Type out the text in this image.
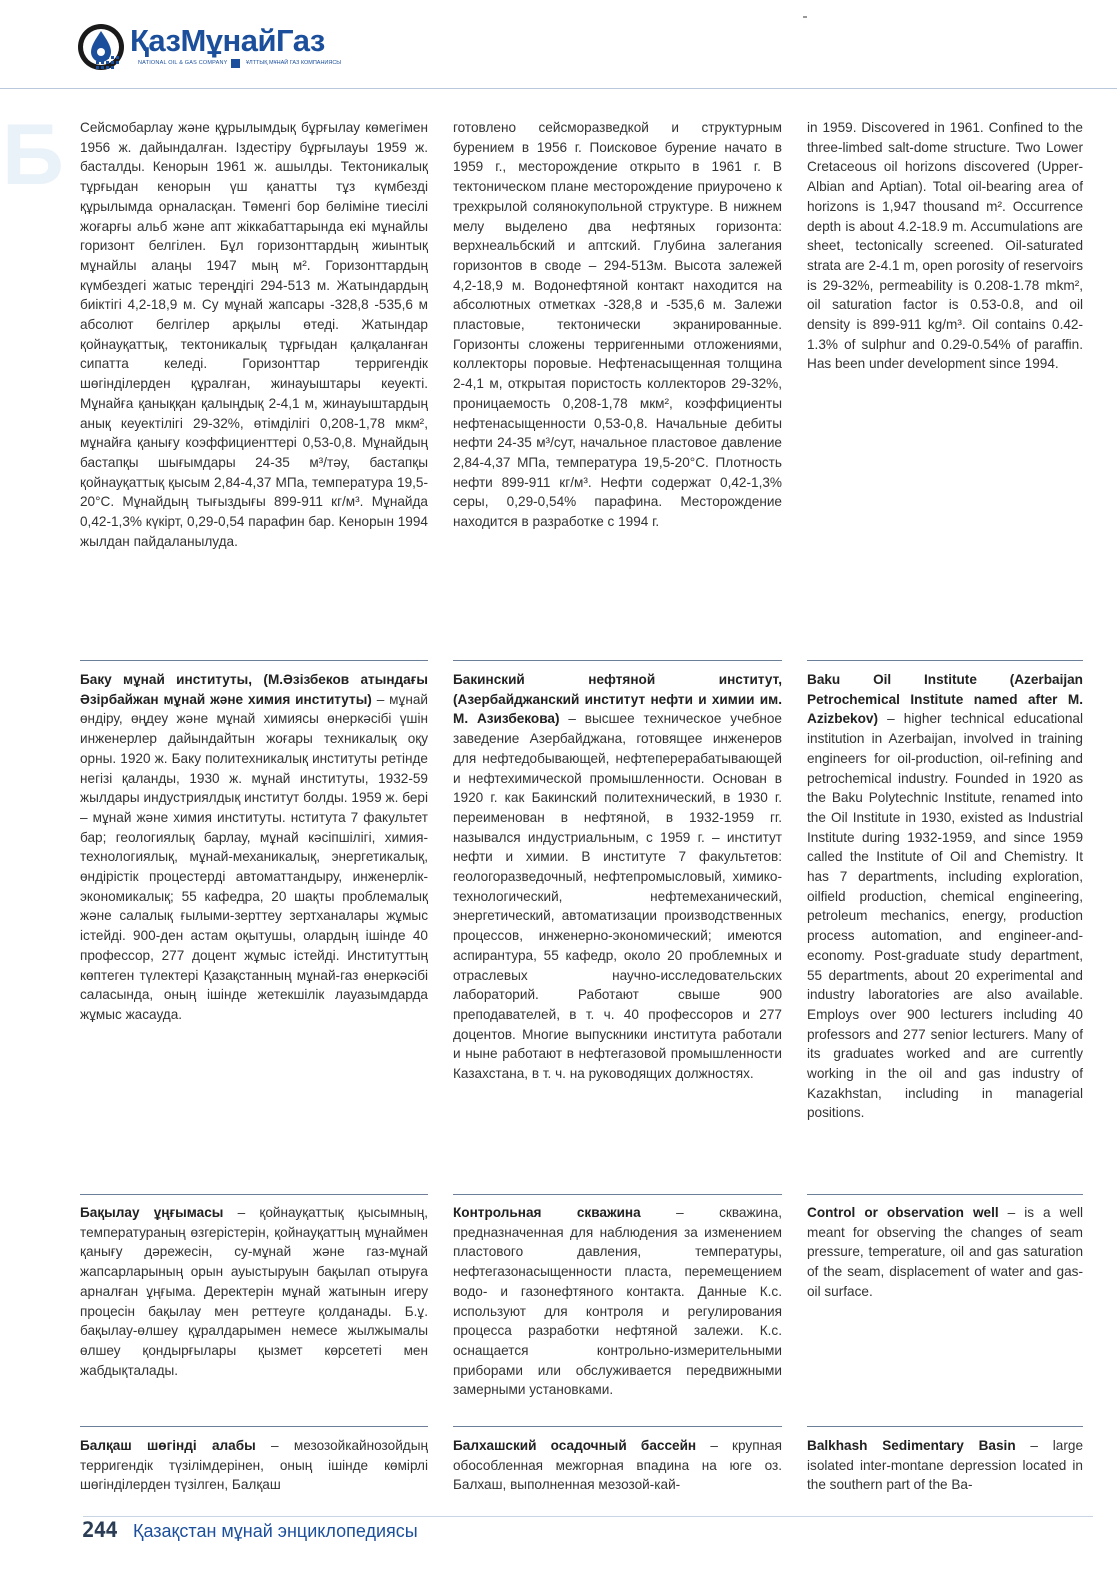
ҚазМұнайГаз
NATIONAL OIL & GAS COMPANY	ҰЛТТЫҚ МҰНАЙ ГАЗ КОМПАНИЯСЫ
Б	Сейсмобарлау және құрылымдық бұрғылау көмегімен 1956 ж. дайындалған. Іздестіру бұрғылауы 1959 ж. басталды. Кенорын 1961 ж. ашылды. Тектоникалық тұрғыдан кенорын үш қанатты тұз күмбезді құрылымда орналасқан. Төменгі бор бөліміне тиесілі жоғарғы альб және апт жіккабаттарында екі мұнайлы горизонт белгілен. Бұл горизонттардың жиынтық мұнайлы алаңы 1947 мың м². Горизонттардың күмбездегі жатыс тереңдігі 294-513 м. Жатындардың биіктігі 4,2-18,9 м. Су мұнай жапсары -328,8 -535,6 м абсолют белгілер арқылы өтеді. Жатындар қойнауқаттық, тектоникалық тұрғыдан қалқаланған сипатта келеді. Горизонттар терригендік шөгінділерден құралған, жинауыштары кеуекті. Мұнайға қаныққан қалыңдық 2-4,1 м, жинауыштардың анық кеуектілігі 29-32%, өтімділігі 0,208-1,78 мкм², мұнайға қанығу коэффициенттері 0,53-0,8. Мұнайдың бастапқы шығымдары 24-35 м³/тәу, бастапқы қойнауқаттық қысым 2,84-4,37 МПа, температура 19,5-20°С. Мұнайдың тығыздығы 899-911 кг/м³. Мұнайда 0,42-1,3% күкірт, 0,29-0,54 парафин бар. Кенорын 1994 жылдан пайдаланылуда.

готовлено сейсморазведкой и структурным бурением в 1956 г. Поисковое бурение начато в 1959 г., месторождение открыто в 1961 г. В тектоническом плане месторождение приурочено к трехкрылой солянокупольной структуре. В нижнем мелу выделено два нефтяных горизонта: верхнеальбский и аптский. Глубина залегания горизонтов в своде – 294-513м. Высота залежей 4,2-18,9 м. Водонефтяной контакт находится на абсолютных отметках -328,8 и -535,6 м. Залежи пластовые, тектонически экранированные. Горизонты сложены терригенными отложениями, коллекторы поровые. Нефтенасыщенная толщина 2-4,1 м, открытая пористость коллекторов 29-32%, проницаемость 0,208-1,78 мкм², коэффициенты нефтенасыщенности 0,53-0,8. Начальные дебиты нефти 24-35 м³/сут, начальное пластовое давление 2,84-4,37 МПа, температура 19,5-20°С. Плотность нефти 899-911 кг/м³. Нефти содержат 0,42-1,3% серы, 0,29-0,54% парафина. Месторождение находится в разработке с 1994 г.

in 1959. Discovered in 1961. Confined to the three-limbed salt-dome structure. Two Lower Cretaceous oil horizons discovered (Upper-Albian and Aptian). Total oil-bearing area of horizons is 1,947 thousand m². Occurrence depth is about 4.2-18.9 m. Accumulations are sheet, tectonically screened. Oil-saturated strata are 2-4.1 m, open porosity of reservoirs is 29-32%, permeability is 0.208-1.78 mkm², oil saturation factor is 0.53-0.8, and oil density is 899-911 kg/m³. Oil contains 0.42-1.3% of sulphur and 0.29-0.54% of paraffin. Has been under development since 1994.

Баку мұнай институты, (М.Әзізбеков атындағы Әзірбайжан мұнай және химия институты) – мұнай өндіру, өңдеу және мұнай химиясы өнеркәсібі үшін инженерлер дайындайтын жоғары техникалық оқу орны. 1920 ж. Баку политехникалық институты ретінде негізі қаланды, 1930 ж. мұнай институты, 1932-59 жылдары индустриялдық институт болды. 1959 ж. бері – мұнай және химия институты. нститута 7 факультет бар; геологиялық барлау, мұнай кәсіпшілігі, химия-технологиялық, мұнай-механикалық, энергетикалық, өндірістік процестерді автоматтандыру, инженерлік-экономикалық; 55 кафедра, 20 шақты проблемалық және салалық ғылыми-зерттеу зертханалары жұмыс істейді. 900-ден астам оқытушы, олардың ішінде 40 профессор, 277 доцент жұмыс істейді. Институттың көптеген түлектері Қазақстанның мұнай-газ өнеркәсібі саласында, оның ішінде жетекшілік лауазымдарда жұмыс жасауда.

Бакинский нефтяной институт, (Азербайджанский институт нефти и химии им. М. Азизбекова) – высшее техническое учебное заведение Азербайджана, готовящее инженеров для нефтедобывающей, нефтеперерабатывающей и нефтехимической промышленности. Основан в 1920 г. как Бакинский политехнический, в 1930 г. переименован в нефтяной, в 1932-1959 гг. назывался индустриальным, с 1959 г. – институт нефти и химии. В институте 7 факультетов: геологоразведочный, нефтепромысловый, химико-технологический, нефтемеханический, энергетический, автоматизации производственных процессов, инженерно-экономический; имеются аспирантура, 55 кафедр, около 20 проблемных и отраслевых научно-исследовательских лабораторий. Работают свыше 900 преподавателей, в т. ч. 40 профессоров и 277 доцентов. Многие выпускники института работали и ныне работают в нефтегазовой промышленности Казахстана, в т. ч. на руководящих должностях.

Baku Oil Institute (Azerbaijan Petrochemical Institute named after M. Azizbekov) – higher technical educational institution in Azerbaijan, involved in training engineers for oil-production, oil-refining and petrochemical industry. Founded in 1920 as the Baku Polytechnic Institute, renamed into the Oil Institute in 1930, existed as Industrial Institute during 1932-1959, and since 1959 called the Institute of Oil and Chemistry. It has 7 departments, including exploration, oilfield production, chemical engineering, petroleum mechanics, energy, production process automation, and engineer-and-economy. Post-graduate study department, 55 departments, about 20 experimental and industry laboratories are also available. Employs over 900 lecturers including 40 professors and 277 senior lecturers. Many of its graduates worked and are currently working in the oil and gas industry of Kazakhstan, including in managerial positions.

Бақылау ұңғымасы – қойнауқаттық қысымның, температураның өзгерістерін, қойнауқаттың мұнаймен қанығу дәрежесін, су-мұнай және газ-мұнай жапсарларының орын ауыстыруын бақылап отыруға арналған ұңғыма. Деректерін мұнай жатынын игеру процесін бақылау мен реттеуге қолданады. Б.ұ. бақылау-өлшеу құралдарымен немесе жылжымалы өлшеу қондырғылары қызмет көрсететі мен жабдықталады.

Контрольная скважина – скважина, предназначенная для наблюдения за изменением пластового давления, температуры, нефтегазонасыщенности пласта, перемещением водо- и газонефтяного контакта. Данные К.с. используют для контроля и регулирования процесса разработки нефтяной залежи. К.с. оснащается контрольно-измерительными приборами или обслуживается передвижными замерными установками.

Control or observation well – is a well meant for observing the changes of seam pressure, temperature, oil and gas saturation of the seam, displacement of water and gas-oil surface.

Балқаш шөгінді алабы – мезозойкайнозойдың терригендік түзілімдерінен, оның ішінде көмірлі шөгінділерден түзілген, Балқаш

Балхашский осадочный бассейн – крупная обособленная межгорная впадина на юге оз. Балхаш, выполненная мезозой-кай-

Balkhash Sedimentary Basin – large isolated inter-montane depression located in the southern part of the Ba-

244 Қазақстан мұнай энциклопедиясы
